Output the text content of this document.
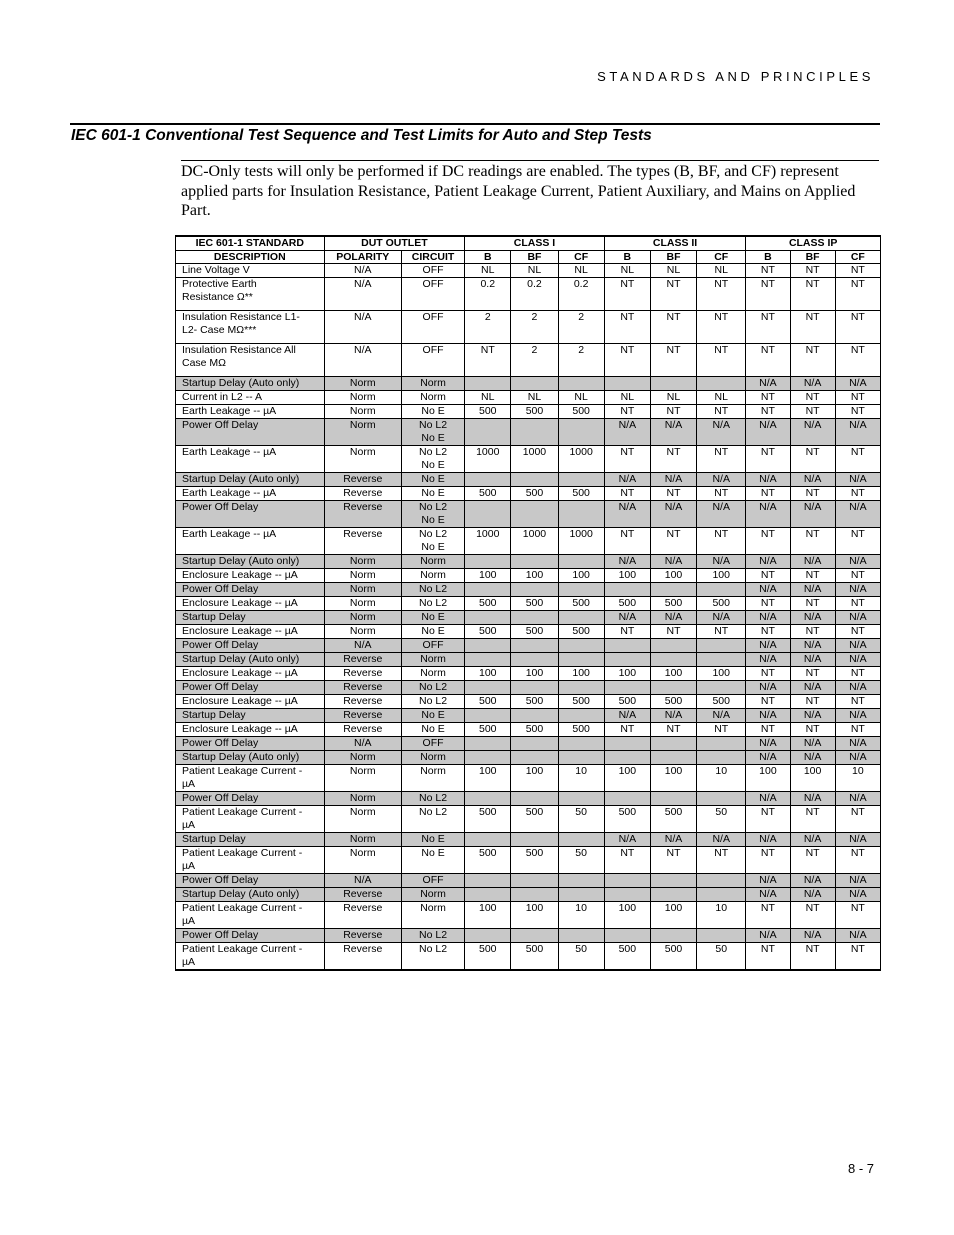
STANDARDS AND PRINCIPLES
IEC 601-1 Conventional Test Sequence and Test Limits for Auto and Step Tests
DC-Only tests will only be performed if DC readings are enabled. The types (B, BF, and CF) represent applied parts for Insulation Resistance, Patient Leakage Current, Patient Auxiliary, and Mains on Applied Part.
IEC 601-1 STANDARD	DUT OUTLET		CLASS I			CLASS II			CLASS IP		
DESCRIPTION	POLARITY	CIRCUIT	B	BF	CF	B	BF	CF	B	BF	CF
Line Voltage V	N/A	OFF	NL	NL	NL	NL	NL	NL	NT	NT	NT
Protective Earth
Resistance Ω**	N/A	OFF	0.2	0.2	0.2	NT	NT	NT	NT	NT	NT
Insulation Resistance L1-
L2- Case MΩ***	N/A	OFF	2	2	2	NT	NT	NT	NT	NT	NT
Insulation Resistance All
Case MΩ	N/A	OFF	NT	2	2	NT	NT	NT	NT	NT	NT
Startup Delay (Auto only)	Norm	Norm							N/A	N/A	N/A
Current in L2 -- A	Norm	Norm	NL	NL	NL	NL	NL	NL	NT	NT	NT
Earth Leakage -- µA	Norm	No E	500	500	500	NT	NT	NT	NT	NT	NT
Power Off Delay	Norm	No L2
No E				N/A	N/A	N/A	N/A	N/A	N/A
Earth Leakage -- µA	Norm	No L2
No E	1000	1000	1000	NT	NT	NT	NT	NT	NT
Startup Delay (Auto only)	Reverse	No E				N/A	N/A	N/A	N/A	N/A	N/A
Earth Leakage -- µA	Reverse	No E	500	500	500	NT	NT	NT	NT	NT	NT
Power Off Delay	Reverse	No L2
No E				N/A	N/A	N/A	N/A	N/A	N/A
Earth Leakage -- µA	Reverse	No L2
No E	1000	1000	1000	NT	NT	NT	NT	NT	NT
Startup Delay (Auto only)	Norm	Norm				N/A	N/A	N/A	N/A	N/A	N/A
Enclosure Leakage -- µA	Norm	Norm	100	100	100	100	100	100	NT	NT	NT
Power Off Delay	Norm	No L2							N/A	N/A	N/A
Enclosure Leakage -- µA	Norm	No L2	500	500	500	500	500	500	NT	NT	NT
Startup Delay	Norm	No E				N/A	N/A	N/A	N/A	N/A	N/A
Enclosure Leakage -- µA	Norm	No E	500	500	500	NT	NT	NT	NT	NT	NT
Power Off Delay	N/A	OFF							N/A	N/A	N/A
Startup Delay (Auto only)	Reverse	Norm							N/A	N/A	N/A
Enclosure Leakage -- µA	Reverse	Norm	100	100	100	100	100	100	NT	NT	NT
Power Off Delay	Reverse	No L2							N/A	N/A	N/A
Enclosure Leakage -- µA	Reverse	No L2	500	500	500	500	500	500	NT	NT	NT
Startup Delay	Reverse	No E				N/A	N/A	N/A	N/A	N/A	N/A
Enclosure Leakage -- µA	Reverse	No E	500	500	500	NT	NT	NT	NT	NT	NT
Power Off Delay	N/A	OFF							N/A	N/A	N/A
Startup Delay (Auto only)	Norm	Norm							N/A	N/A	N/A
Patient Leakage Current -
µA	Norm	Norm	100	100	10	100	100	10	100	100	10
Power Off Delay	Norm	No L2							N/A	N/A	N/A
Patient Leakage Current -
µA	Norm	No L2	500	500	50	500	500	50	NT	NT	NT
Startup Delay	Norm	No E				N/A	N/A	N/A	N/A	N/A	N/A
Patient Leakage Current -
µA	Norm	No E	500	500	50	NT	NT	NT	NT	NT	NT
Power Off Delay	N/A	OFF							N/A	N/A	N/A
Startup Delay (Auto only)	Reverse	Norm							N/A	N/A	N/A
Patient Leakage Current -
µA	Reverse	Norm	100	100	10	100	100	10	NT	NT	NT
Power Off Delay	Reverse	No L2							N/A	N/A	N/A
Patient Leakage Current -
µA	Reverse	No L2	500	500	50	500	500	50	NT	NT	NT
8 - 7
